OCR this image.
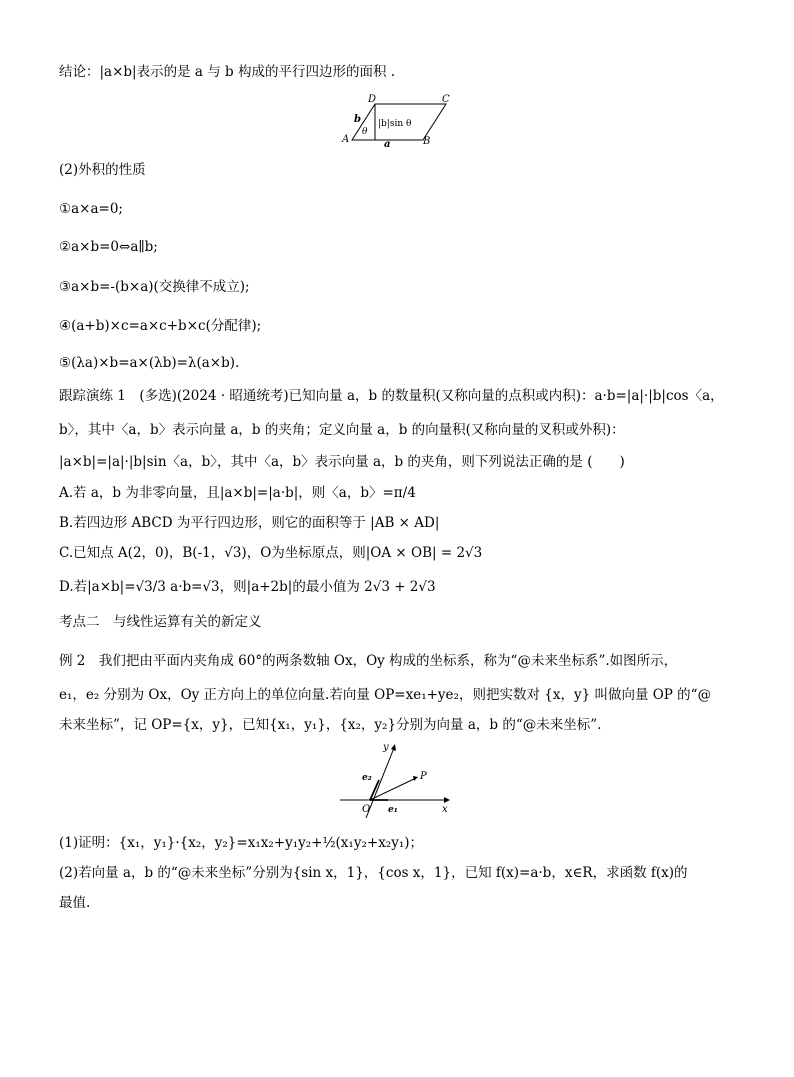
结论：|a×b|表示的是 a 与 b 构成的平行四边形的面积 .
D	C
A	B
b
θ
|b|sin θ
a
(2)外积的性质
①a×a=0;
②a×b=0⇔a∥b;
③a×b=-(b×a)(交换律不成立);
④(a+b)×c=a×c+b×c(分配律);
⑤(λa)×b=a×(λb)=λ(a×b).
跟踪演练 1　(多选)(2024 · 昭通统考)已知向量 a，b 的数量积(又称向量的点积或内积)：a·b=|a|·|b|cos〈a，
b〉，其中〈a，b〉表示向量 a，b 的夹角；定义向量 a，b 的向量积(又称向量的叉积或外积)：
|a×b|=|a|·|b|sin〈a，b〉，其中〈a，b〉表示向量 a，b 的夹角，则下列说法正确的是 (　　)
A.若 a，b 为非零向量，且|a×b|=|a·b|，则〈a，b〉=π/4
B.若四边形 ABCD 为平行四边形，则它的面积等于 |AB × AD|
C.已知点 A(2，0)，B(-1，√3)，O为坐标原点，则|OA × OB| = 2√3
D.若|a×b|=√3/3 a·b=√3，则|a+2b|的最小值为 2√3 + 2√3
考点二　与线性运算有关的新定义
例 2　我们把由平面内夹角成 60°的两条数轴 Ox，Oy 构成的坐标系，称为“@未来坐标系”.如图所示，
e₁，e₂ 分别为 Ox，Oy 正方向上的单位向量.若向量 OP=xe₁+ye₂，则把实数对 {x，y} 叫做向量 OP 的“@
未来坐标”，记 OP={x，y}，已知{x₁，y₁}，{x₂，y₂}分别为向量 a，b 的“@未来坐标”.
y
x
O
P
e₁
e₂
(1)证明：{x₁，y₁}·{x₂，y₂}=x₁x₂+y₁y₂+½(x₁y₂+x₂y₁)；
(2)若向量 a，b 的“@未来坐标”分别为{sin x，1}，{cos x，1}，已知 f(x)=a·b，x∈R，求函数 f(x)的
最值.
